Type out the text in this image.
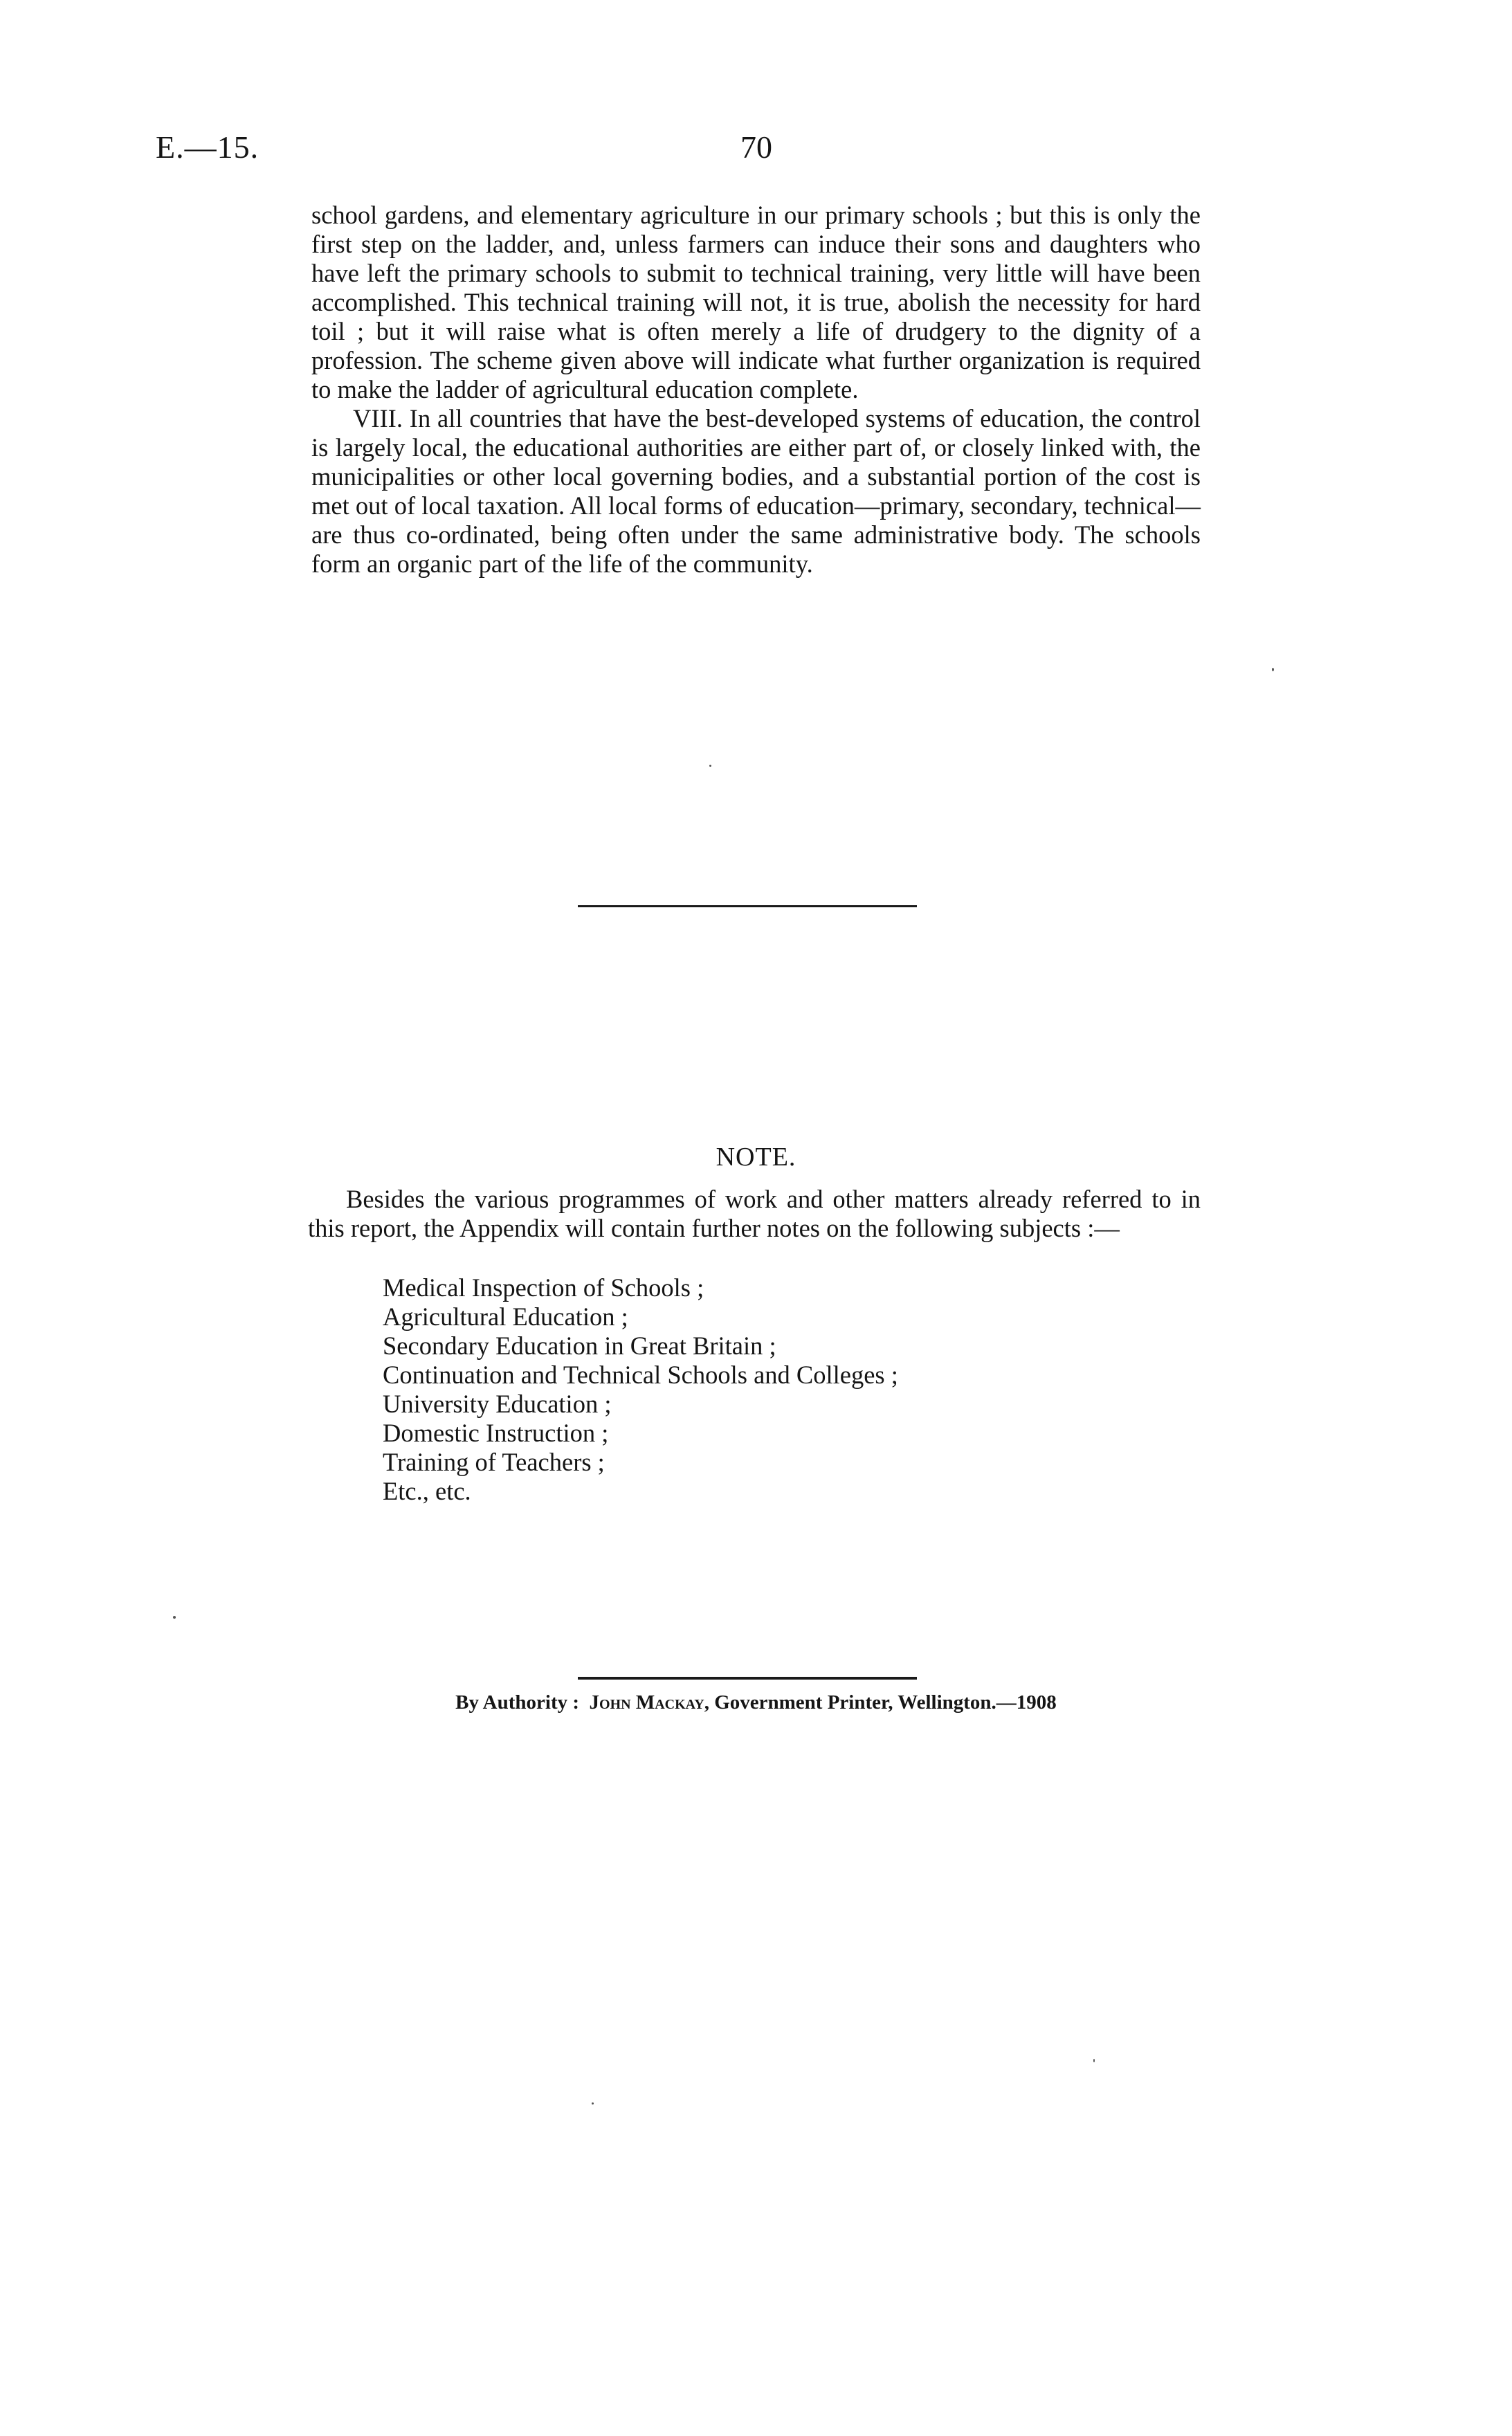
E.—15.	70

school gardens, and elementary agriculture in our primary schools ; but this is only the first step on the ladder, and, unless farmers can induce their sons and daughters who have left the primary schools to submit to technical training, very little will have been accomplished. This technical training will not, it is true, abolish the necessity for hard toil ; but it will raise what is often merely a life of drudgery to the dignity of a profession. The scheme given above will indicate what further organization is required to make the ladder of agricultural education complete.

VIII. In all countries that have the best-developed systems of education, the control is largely local, the educational authorities are either part of, or closely linked with, the municipalities or other local governing bodies, and a substantial portion of the cost is met out of local taxation. All local forms of education—primary, secondary, technical—are thus co-ordinated, being often under the same administrative body. The schools form an organic part of the life of the community.

NOTE.
Besides the various programmes of work and other matters already referred to in this report, the Appendix will contain further notes on the following subjects :—
Medical Inspection of Schools ;
Agricultural Education ;
Secondary Education in Great Britain ;
Continuation and Technical Schools and Colleges ;
University Education ;
Domestic Instruction ;
Training of Teachers ;
Etc., etc.
By Authority : John Mackay, Government Printer, Wellington.—1908
